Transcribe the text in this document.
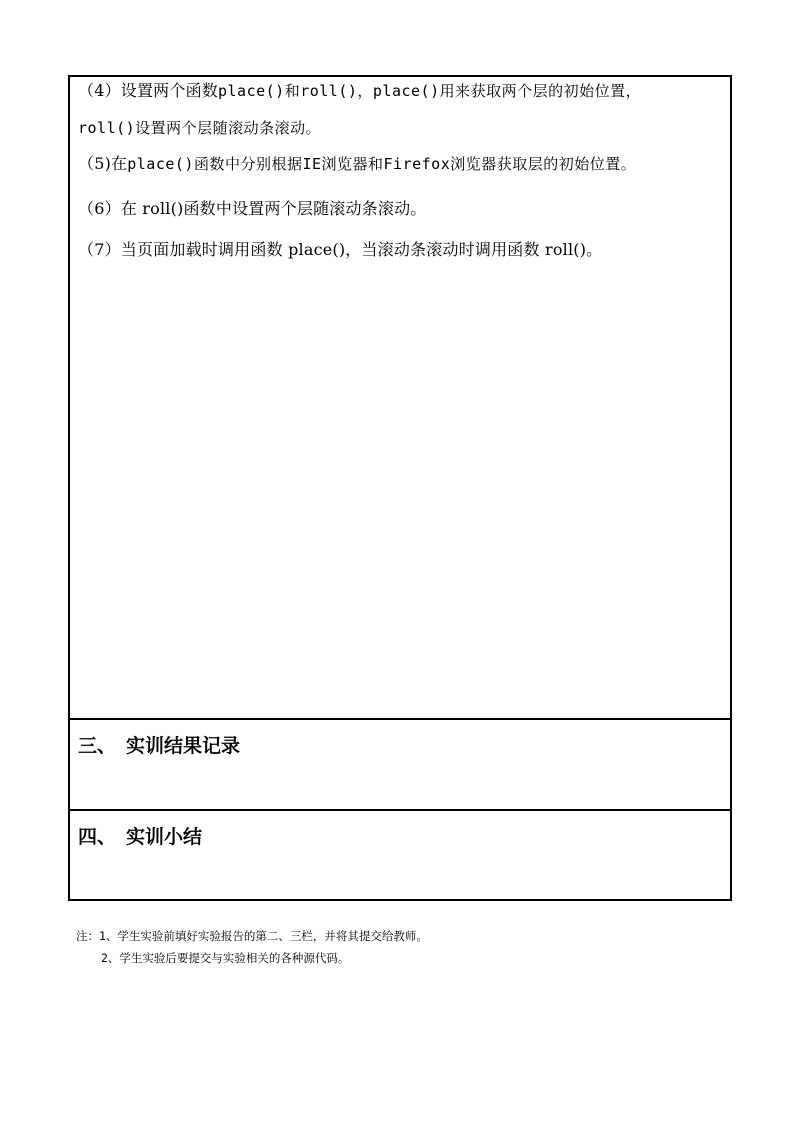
（4）设置两个函数place()和roll()，place()用来获取两个层的初始位置，
roll()设置两个层随滚动条滚动。
（5)在place()函数中分别根据IE浏览器和Firefox浏览器获取层的初始位置。
（6）在 roll()函数中设置两个层随滚动条滚动。
（7）当页面加载时调用函数 place()，当滚动条滚动时调用函数 roll()。
三、 实训结果记录
四、 实训小结
注：1、学生实验前填好实验报告的第二、三栏，并将其提交给教师。
2、学生实验后要提交与实验相关的各种源代码。
